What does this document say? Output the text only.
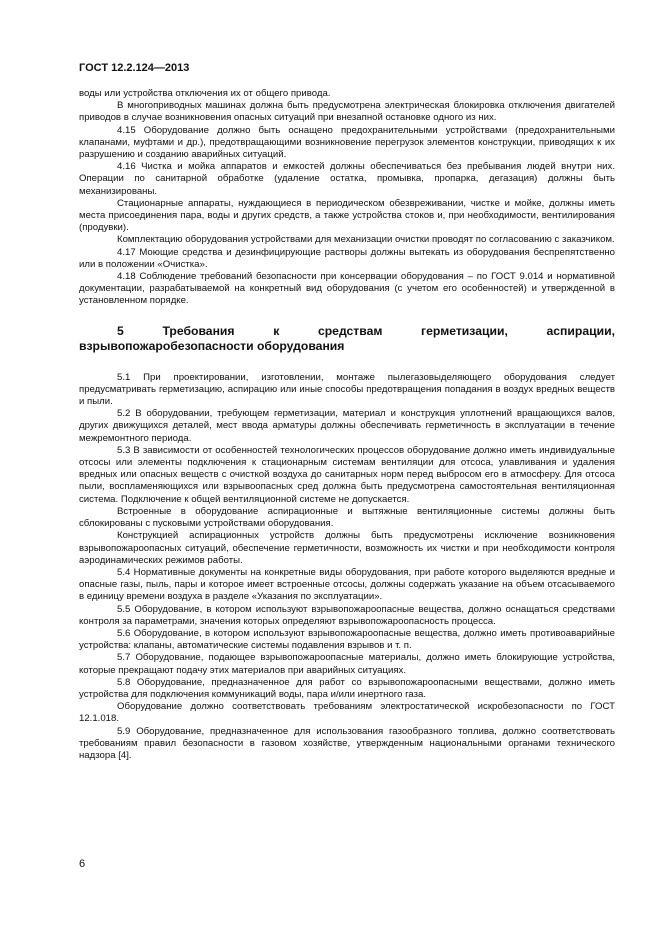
ГОСТ 12.2.124—2013

воды или устройства отключения их от общего привода.

В многоприводных машинах должна быть предусмотрена электрическая блокировка отключения двигателей приводов в случае возникновения опасных ситуаций при внезапной остановке одного из них.

4.15 Оборудование должно быть оснащено предохранительными устройствами (предохранительными клапанами, муфтами и др.), предотвращающими возникновение перегрузок элементов конструкции, приводящих к их разрушению и созданию аварийных ситуаций.

4.16 Чистка и мойка аппаратов и емкостей должны обеспечиваться без пребывания людей внутри них. Операции по санитарной обработке (удаление остатка, промывка, пропарка, дегазация) должны быть механизированы.

Стационарные аппараты, нуждающиеся в периодическом обезвреживании, чистке и мойке, должны иметь места присоединения пара, воды и других средств, а также устройства стоков и, при необходимости, вентилирования (продувки).

Комплектацию оборудования устройствами для механизации очистки проводят по согласованию с заказчиком.

4.17 Моющие средства и дезинфицирующие растворы должны вытекать из оборудования беспрепятственно или в положении «Очистка».

4.18 Соблюдение требований безопасности при консервации оборудования – по ГОСТ 9.014 и нормативной документации, разрабатываемой на конкретный вид оборудования (с учетом его особенностей) и утвержденной в установленном порядке.

5 Требования к средствам герметизации, аспирации, взрывопожаробезопасности оборудования

5.1 При проектировании, изготовлении, монтаже пылегазовыделяющего оборудования следует предусматривать герметизацию, аспирацию или иные способы предотвращения попадания в воздух вредных веществ и пыли.

5.2 В оборудовании, требующем герметизации, материал и конструкция уплотнений вращающихся валов, других движущихся деталей, мест ввода арматуры должны обеспечивать герметичность в эксплуатации в течение межремонтного периода.

5.3 В зависимости от особенностей технологических процессов оборудование должно иметь индивидуальные отсосы или элементы подключения к стационарным системам вентиляции для отсоса, улавливания и удаления вредных или опасных веществ с очисткой воздуха до санитарных норм перед выбросом его в атмосферу. Для отсоса пыли, воспламеняющихся или взрывоопасных сред должна быть предусмотрена самостоятельная вентиляционная система. Подключение к общей вентиляционной системе не допускается.

Встроенные в оборудование аспирационные и вытяжные вентиляционные системы должны быть сблокированы с пусковыми устройствами оборудования.

Конструкцией аспирационных устройств должны быть предусмотрены исключение возникновения взрывопожароопасных ситуаций, обеспечение герметичности, возможность их чистки и при необходимости контроля аэродинамических режимов работы.

5.4 Нормативные документы на конкретные виды оборудования, при работе которого выделяются вредные и опасные газы, пыль, пары и которое имеет встроенные отсосы, должны содержать указание на объем отсасываемого в единицу времени воздуха в разделе «Указания по эксплуатации».

5.5 Оборудование, в котором используют взрывопожароопасные вещества, должно оснащаться средствами контроля за параметрами, значения которых определяют взрывопожароопасность процесса.

5.6 Оборудование, в котором используют взрывопожароопасные вещества, должно иметь противоаварийные устройства: клапаны, автоматические системы подавления взрывов и т. п.

5.7 Оборудование, подающее взрывопожароопасные материалы, должно иметь блокирующие устройства, которые прекращают подачу этих материалов при аварийных ситуациях.

5.8 Оборудование, предназначенное для работ со взрывопожароопасными веществами, должно иметь устройства для подключения коммуникаций воды, пара и/или инертного газа.

Оборудование должно соответствовать требованиям электростатической искробезопасности по ГОСТ 12.1.018.

5.9 Оборудование, предназначенное для использования газообразного топлива, должно соответствовать требованиям правил безопасности в газовом хозяйстве, утвержденным национальными органами технического надзора [4].

6
